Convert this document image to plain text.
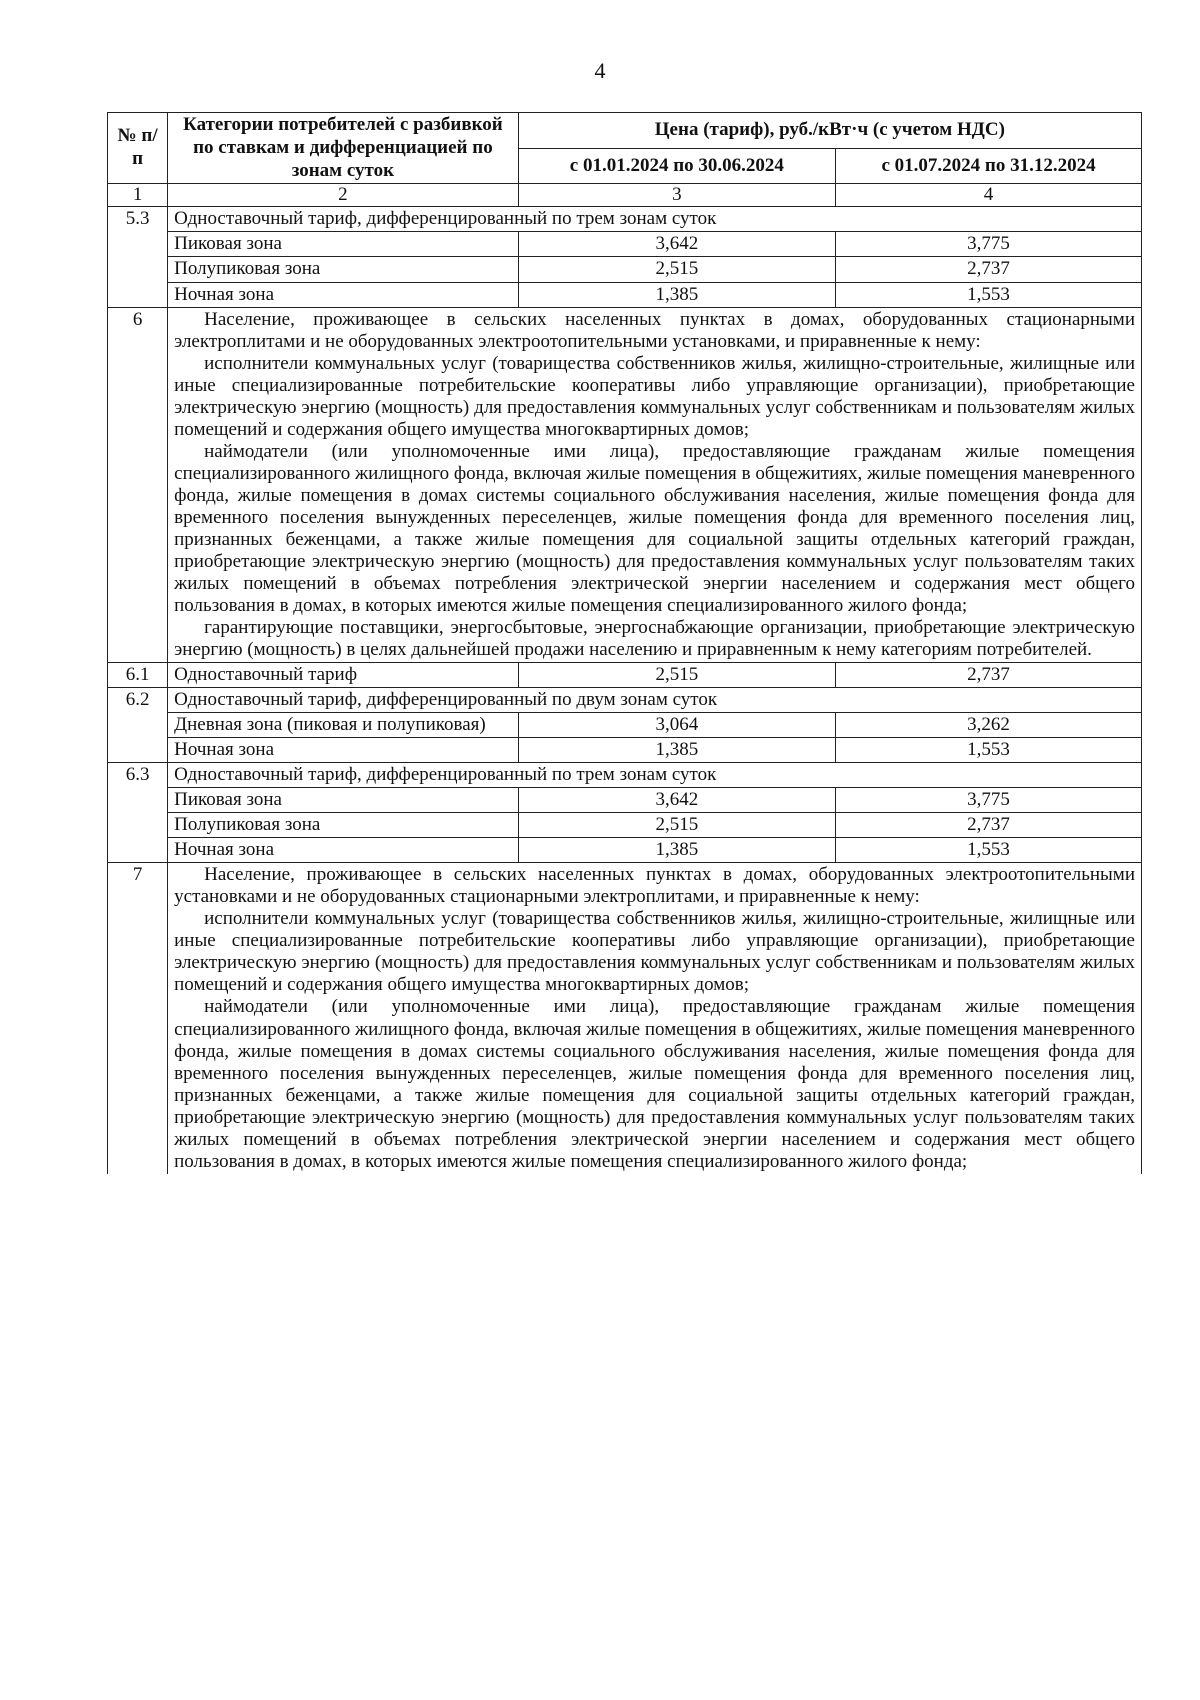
4
№ п/п	Категории потребителей с разбивкой по ставкам и дифференциацией по зонам суток	Цена (тариф), руб./кВт·ч (с учетом НДС)	
		с 01.01.2024 по 30.06.2024	с 01.07.2024 по 31.12.2024
1	2	3	4
5.3	Одноставочный тариф, дифференцированный по трем зонам суток		
	Пиковая зона	3,642	3,775
	Полупиковая зона	2,515	2,737
	Ночная зона	1,385	1,553
6	Население, проживающее в сельских населенных пунктах в домах, оборудованных стационарными электроплитами и не оборудованных электроотопительными установками, и приравненные к нему:

исполнители коммунальных услуг (товарищества собственников жилья, жилищно-строительные, жилищные или иные специализированные потребительские кооперативы либо управляющие организации), приобретающие электрическую энергию (мощность) для предоставления коммунальных услуг собственникам и пользователям жилых помещений и содержания общего имущества многоквартирных домов;

наймодатели (или уполномоченные ими лица), предоставляющие гражданам жилые помещения специализированного жилищного фонда, включая жилые помещения в общежитиях, жилые помещения маневренного фонда, жилые помещения в домах системы социального обслуживания населения, жилые помещения фонда для временного поселения вынужденных переселенцев, жилые помещения фонда для временного поселения лиц, признанных беженцами, а также жилые помещения для социальной защиты отдельных категорий граждан, приобретающие электрическую энергию (мощность) для предоставления коммунальных услуг пользователям таких жилых помещений в объемах потребления электрической энергии населением и содержания мест общего пользования в домах, в которых имеются жилые помещения специализированного жилого фонда;

гарантирующие поставщики, энергосбытовые, энергоснабжающие организации, приобретающие электрическую энергию (мощность) в целях дальнейшей продажи населению и приравненным к нему категориям потребителей.		

6.1	Одноставочный тариф	2,515	2,737
6.2	Одноставочный тариф, дифференцированный по двум зонам суток		
	Дневная зона (пиковая и полупиковая)	3,064	3,262
	Ночная зона	1,385	1,553
6.3	Одноставочный тариф, дифференцированный по трем зонам суток		
	Пиковая зона	3,642	3,775
	Полупиковая зона	2,515	2,737
	Ночная зона	1,385	1,553
7	Население, проживающее в сельских населенных пунктах в домах, оборудованных электроотопительными установками и не оборудованных стационарными электроплитами, и приравненные к нему:

исполнители коммунальных услуг (товарищества собственников жилья, жилищно-строительные, жилищные или иные специализированные потребительские кооперативы либо управляющие организации), приобретающие электрическую энергию (мощность) для предоставления коммунальных услуг собственникам и пользователям жилых помещений и содержания общего имущества многоквартирных домов;

наймодатели (или уполномоченные ими лица), предоставляющие гражданам жилые помещения специализированного жилищного фонда, включая жилые помещения в общежитиях, жилые помещения маневренного фонда, жилые помещения в домах системы социального обслуживания населения, жилые помещения фонда для временного поселения вынужденных переселенцев, жилые помещения фонда для временного поселения лиц, признанных беженцами, а также жилые помещения для социальной защиты отдельных категорий граждан, приобретающие электрическую энергию (мощность) для предоставления коммунальных услуг пользователям таких жилых помещений в объемах потребления электрической энергии населением и содержания мест общего пользования в домах, в которых имеются жилые помещения специализированного жилого фонда;		
